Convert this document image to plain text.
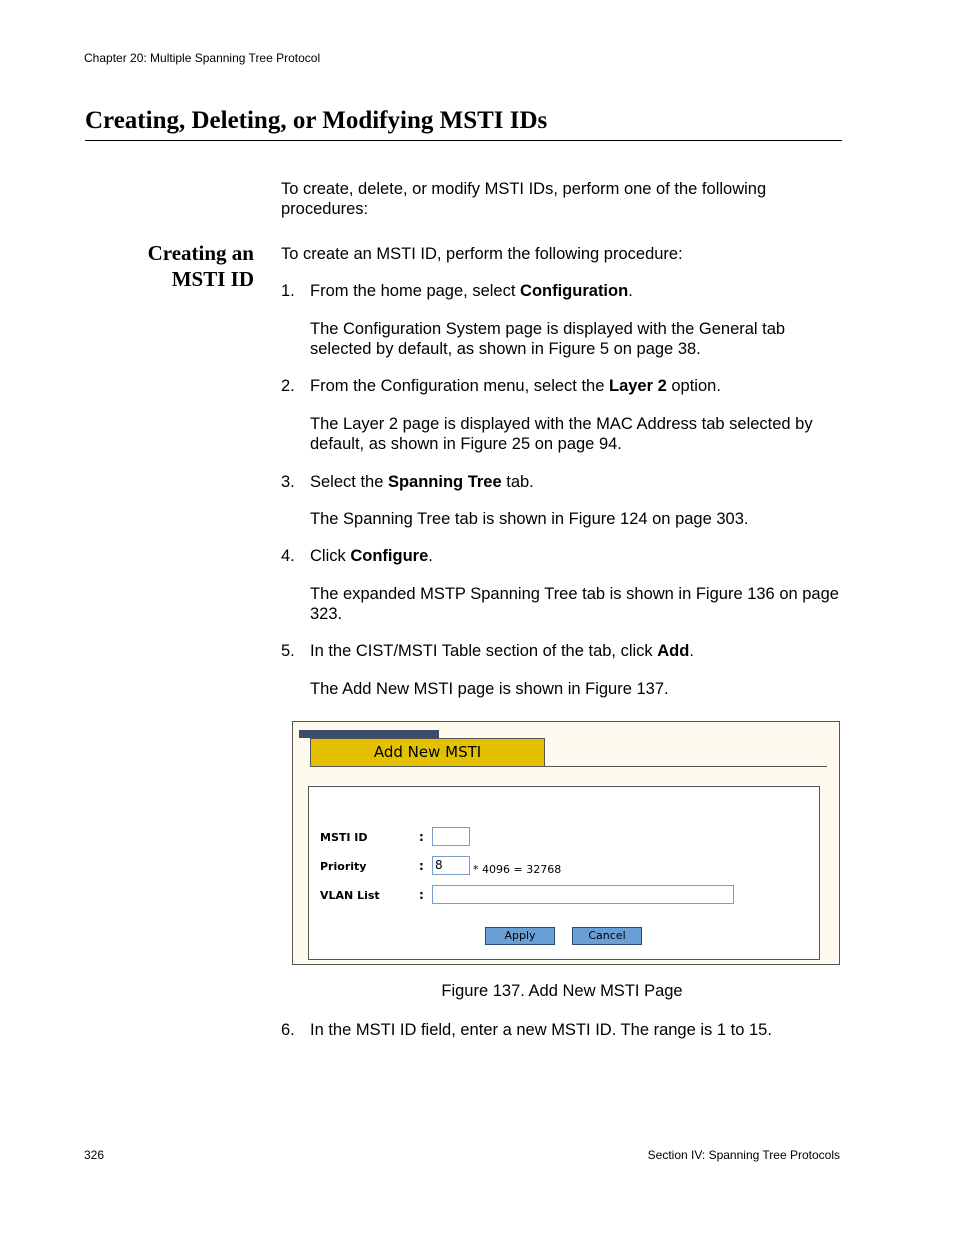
Chapter 20: Multiple Spanning Tree Protocol
Creating, Deleting, or Modifying MSTI IDs
To create, delete, or modify MSTI IDs, perform one of the following procedures:
Creating an
MSTI ID
To create an MSTI ID, perform the following procedure:
1. From the home page, select Configuration.
The Configuration System page is displayed with the General tab selected by default, as shown in Figure 5 on page 38.
2. From the Configuration menu, select the Layer 2 option.
The Layer 2 page is displayed with the MAC Address tab selected by default, as shown in Figure 25 on page 94.
3. Select the Spanning Tree tab.
The Spanning Tree tab is shown in Figure 124 on page 303.
4. Click Configure.
The expanded MSTP Spanning Tree tab is shown in Figure 136 on page 323.
5. In the CIST/MSTI Table section of the tab, click Add.
The Add New MSTI page is shown in Figure 137.
Add New MSTI
MSTI ID	:
Priority	: 8	* 4096 = 32768
VLAN List	:
Apply	Cancel
Figure 137. Add New MSTI Page
6. In the MSTI ID field, enter a new MSTI ID. The range is 1 to 15.
326	Section IV: Spanning Tree Protocols
